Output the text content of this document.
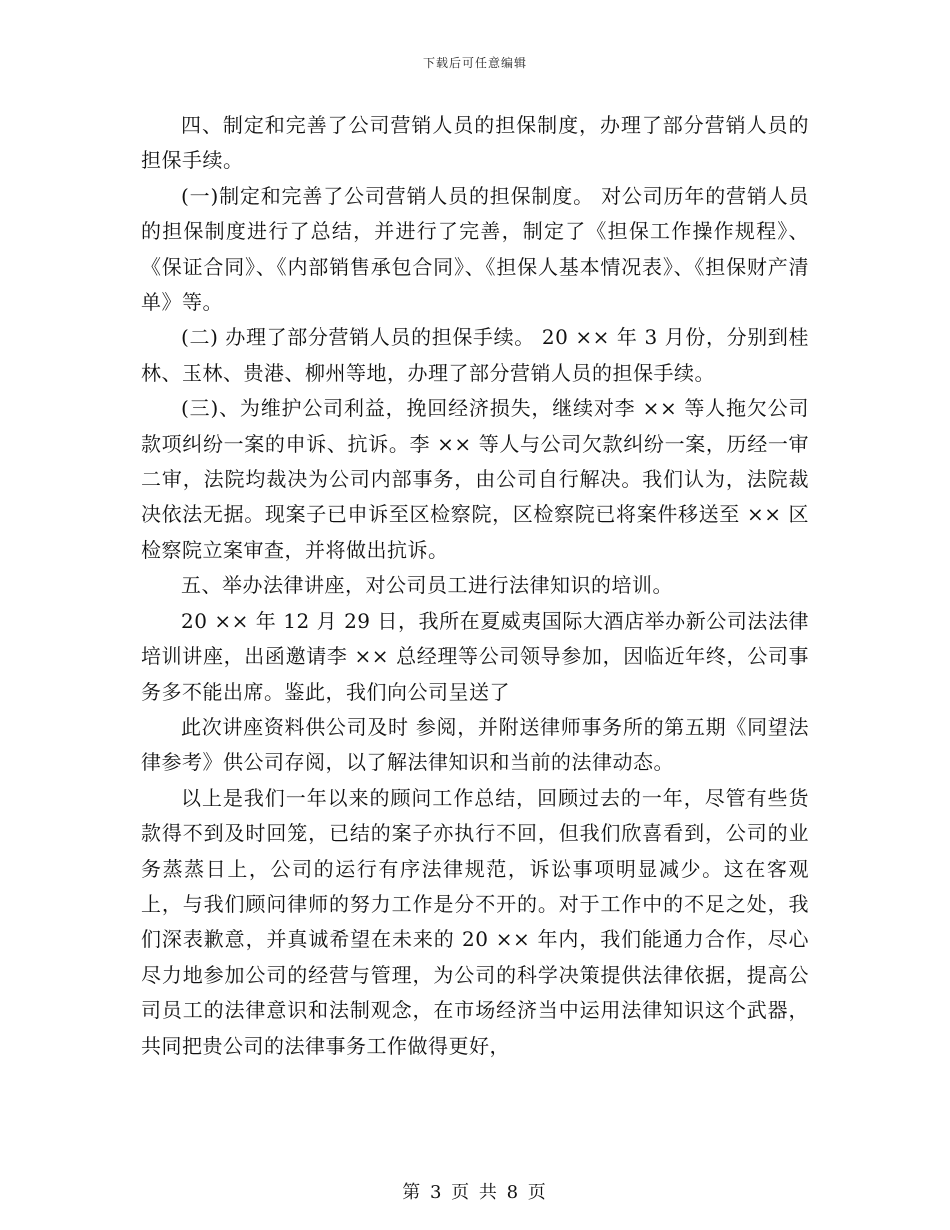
下载后可任意编辑

四、制定和完善了公司营销人员的担保制度，办理了部分营销人员的担保手续。

(一)制定和完善了公司营销人员的担保制度。 对公司历年的营销人员的担保制度进行了总结，并进行了完善，制定了《担保工作操作规程》、《保证合同》、《内部销售承包合同》、《担保人基本情况表》、《担保财产清单》等。

(二) 办理了部分营销人员的担保手续。 20 ×× 年 3 月份，分别到桂林、玉林、贵港、柳州等地，办理了部分营销人员的担保手续。

(三)、为维护公司利益，挽回经济损失，继续对李 ×× 等人拖欠公司款项纠纷一案的申诉、抗诉。李 ×× 等人与公司欠款纠纷一案，历经一审二审，法院均裁决为公司内部事务，由公司自行解决。我们认为，法院裁决依法无据。现案子已申诉至区检察院，区检察院已将案件移送至 ×× 区检察院立案审查，并将做出抗诉。

五、举办法律讲座，对公司员工进行法律知识的培训。

20 ×× 年 12 月 29 日，我所在夏威夷国际大酒店举办新公司法法律培训讲座，出函邀请李 ×× 总经理等公司领导参加，因临近年终，公司事务多不能出席。鉴此，我们向公司呈送了

此次讲座资料供公司及时 参阅，并附送律师事务所的第五期《同望法律参考》供公司存阅，以了解法律知识和当前的法律动态。

以上是我们一年以来的顾问工作总结，回顾过去的一年，尽管有些货款得不到及时回笼，已结的案子亦执行不回，但我们欣喜看到，公司的业务蒸蒸日上，公司的运行有序法律规范，诉讼事项明显减少。这在客观上，与我们顾问律师的努力工作是分不开的。对于工作中的不足之处，我们深表歉意，并真诚希望在未来的 20 ×× 年内，我们能通力合作，尽心尽力地参加公司的经营与管理，为公司的科学决策提供法律依据，提高公司员工的法律意识和法制观念，在市场经济当中运用法律知识这个武器，共同把贵公司的法律事务工作做得更好，

第 3 页 共 8 页
